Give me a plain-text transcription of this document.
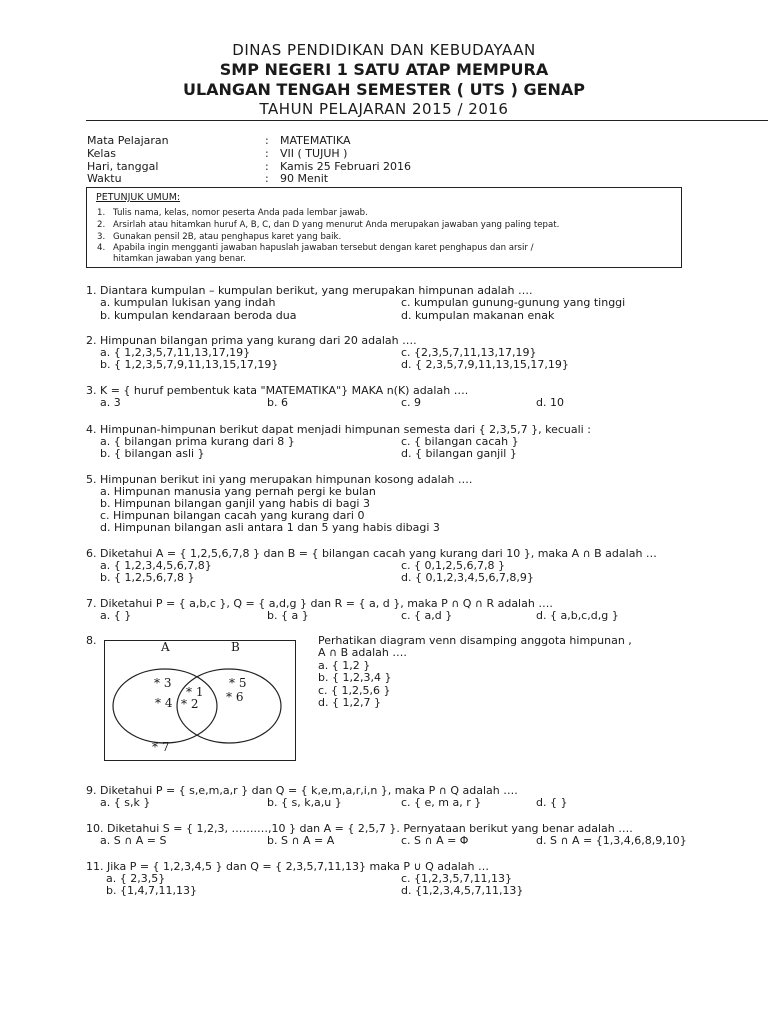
DINAS PENDIDIKAN DAN KEBUDAYAAN
SMP NEGERI 1 SATU ATAP MEMPURA
ULANGAN TENGAH SEMESTER ( UTS ) GENAP
TAHUN PELAJARAN 2015 / 2016
Mata Pelajaran	: MATEMATIKA
Kelas	: VII ( TUJUH )
Hari, tanggal	: Kamis 25 Februari 2016
Waktu	: 90 Menit
PETUNJUK UMUM:
1. Tulis nama, kelas, nomor peserta Anda pada lembar jawab.
2. Arsirlah atau hitamkan huruf A, B, C, dan D yang menurut Anda merupakan jawaban yang paling tepat.
3. Gunakan pensil 2B, atau penghapus karet yang baik.
4. Apabila ingin mengganti jawaban hapuslah jawaban tersebut dengan karet penghapus dan arsir /
hitamkan jawaban yang benar.
1. Diantara kumpulan – kumpulan berikut, yang merupakan himpunan adalah ….
a. kumpulan lukisan yang indah	c. kumpulan gunung-gunung yang tinggi
b. kumpulan kendaraan beroda dua	d. kumpulan makanan enak
2. Himpunan bilangan prima yang kurang dari 20 adalah ….
a. { 1,2,3,5,7,11,13,17,19}	c. {2,3,5,7,11,13,17,19}
b. { 1,2,3,5,7,9,11,13,15,17,19}	d. { 2,3,5,7,9,11,13,15,17,19}
3. K = { huruf pembentuk kata "MATEMATIKA"} MAKA n(K) adalah ….
a. 3	b. 6	c. 9	d. 10
4. Himpunan-himpunan berikut dapat menjadi himpunan semesta dari { 2,3,5,7 }, kecuali :
a. { bilangan prima kurang dari 8 }	c. { bilangan cacah }
b. { bilangan asli }	d. { bilangan ganjil }
5. Himpunan berikut ini yang merupakan himpunan kosong adalah ….
a. Himpunan manusia yang pernah pergi ke bulan
b. Himpunan bilangan ganjil yang habis di bagi 3
c. Himpunan bilangan cacah yang kurang dari 0
d. Himpunan bilangan asli antara 1 dan 5 yang habis dibagi 3
6. Diketahui A = { 1,2,5,6,7,8 } dan B = { bilangan cacah yang kurang dari 10 }, maka A ∩ B adalah …
a. { 1,2,3,4,5,6,7,8}	c. { 0,1,2,5,6,7,8 }
b. { 1,2,5,6,7,8 }	d. { 0,1,2,3,4,5,6,7,8,9}
7. Diketahui P = { a,b,c }, Q = { a,d,g } dan R = { a, d }, maka P ∩ Q ∩ R adalah ….
a. { }	b. { a }	c. { a,d }	d. { a,b,c,d,g }
8.	A	B
* 3
* 4
* 1
* 2
* 5
* 6
* 7
Perhatikan diagram venn disamping anggota himpunan ,
A ∩ B adalah ….
a. { 1,2 }
b. { 1,2,3,4 }
c. { 1,2,5,6 }
d. { 1,2,7 }
9. Diketahui P = { s,e,m,a,r } dan Q = { k,e,m,a,r,i,n }, maka P ∩ Q adalah ….
a. { s,k }	b. { s, k,a,u }	c. { e, m a, r }	d. { }
10. Diketahui S = { 1,2,3, …….…,10 } dan A = { 2,5,7 }. Pernyataan berikut yang benar adalah ….
a. S ∩ A = S	b. S ∩ A = A	c. S ∩ A = Φ	d. S ∩ A = {1,3,4,6,8,9,10}
11. Jika P = { 1,2,3,4,5 } dan Q = { 2,3,5,7,11,13} maka P ∪ Q adalah …
a. { 2,3,5}	c. {1,2,3,5,7,11,13}
b. {1,4,7,11,13}	d. {1,2,3,4,5,7,11,13}
